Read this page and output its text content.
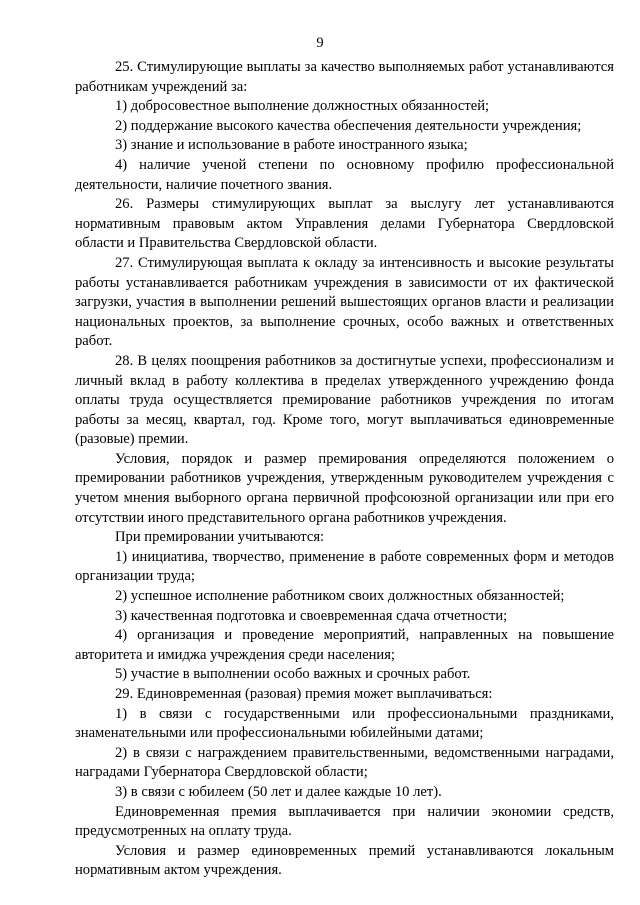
9

25. Стимулирующие выплаты за качество выполняемых работ устанавливаются работникам учреждений за:

1) добросовестное выполнение должностных обязанностей;

2) поддержание высокого качества обеспечения деятельности учреждения;

3) знание и использование в работе иностранного языка;

4) наличие ученой степени по основному профилю профессиональной деятельности, наличие почетного звания.

26. Размеры стимулирующих выплат за выслугу лет устанавливаются нормативным правовым актом Управления делами Губернатора Свердловской области и Правительства Свердловской области.

27. Стимулирующая выплата к окладу за интенсивность и высокие результаты работы устанавливается работникам учреждения в зависимости от их фактической загрузки, участия в выполнении решений вышестоящих органов власти и реализации национальных проектов, за выполнение срочных, особо важных и ответственных работ.

28. В целях поощрения работников за достигнутые успехи, профессионализм и личный вклад в работу коллектива в пределах утвержденного учреждению фонда оплаты труда осуществляется премирование работников учреждения по итогам работы за месяц, квартал, год. Кроме того, могут выплачиваться единовременные (разовые) премии.

Условия, порядок и размер премирования определяются положением о премировании работников учреждения, утвержденным руководителем учреждения с учетом мнения выборного органа первичной профсоюзной организации или при его отсутствии иного представительного органа работников учреждения.

При премировании учитываются:

1) инициатива, творчество, применение в работе современных форм и методов организации труда;

2) успешное исполнение работником своих должностных обязанностей;

3) качественная подготовка и своевременная сдача отчетности;

4) организация и проведение мероприятий, направленных на повышение авторитета и имиджа учреждения среди населения;

5) участие в выполнении особо важных и срочных работ.

29. Единовременная (разовая) премия может выплачиваться:

1) в связи с государственными или профессиональными праздниками, знаменательными или профессиональными юбилейными датами;

2) в связи с награждением правительственными, ведомственными наградами, наградами Губернатора Свердловской области;

3) в связи с юбилеем (50 лет и далее каждые 10 лет).

Единовременная премия выплачивается при наличии экономии средств, предусмотренных на оплату труда.

Условия и размер единовременных премий устанавливаются локальным нормативным актом учреждения.
